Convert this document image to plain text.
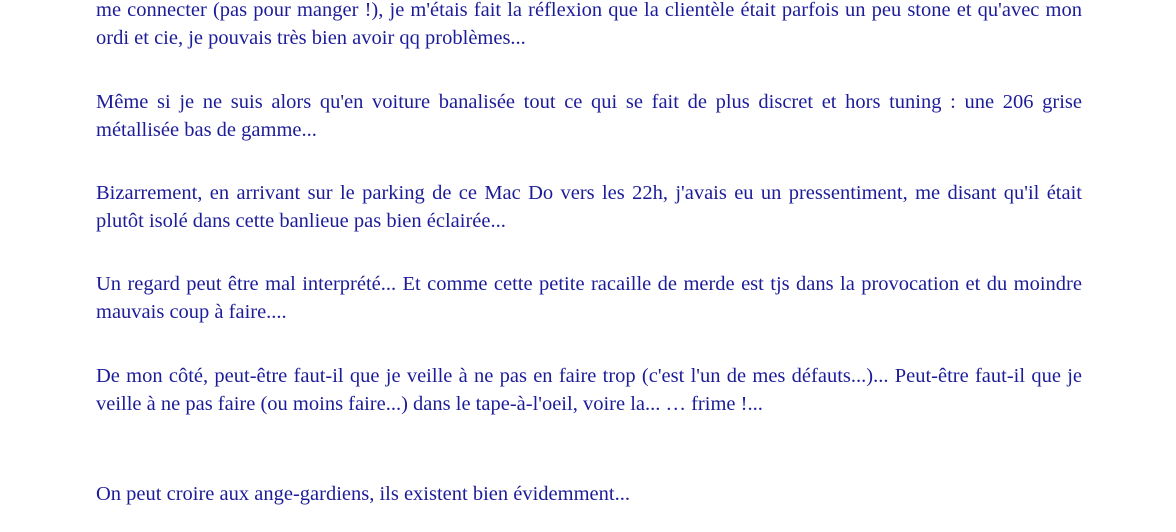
me connecter (pas pour manger !), je m'étais fait la réflexion que la clientèle était parfois un peu stone et qu'avec mon ordi et cie, je pouvais très bien avoir qq problèmes...

Même si je ne suis alors qu'en voiture banalisée tout ce qui se fait de plus discret et hors tuning : une 206 grise métallisée bas de gamme...

Bizarrement, en arrivant sur le parking de ce Mac Do vers les 22h, j'avais eu un pressentiment, me disant qu'il était plutôt isolé dans cette banlieue pas bien éclairée...

Un regard peut être mal interprété... Et comme cette petite racaille de merde est tjs dans la provocation et du moindre mauvais coup à faire....

De mon côté, peut-être faut-il que je veille à ne pas en faire trop (c'est l'un de mes défauts...)... Peut-être faut-il que je veille à ne pas faire (ou moins faire...) dans le tape-à-l'oeil, voire la... … frime !...

On peut croire aux ange-gardiens, ils existent bien évidemment...
